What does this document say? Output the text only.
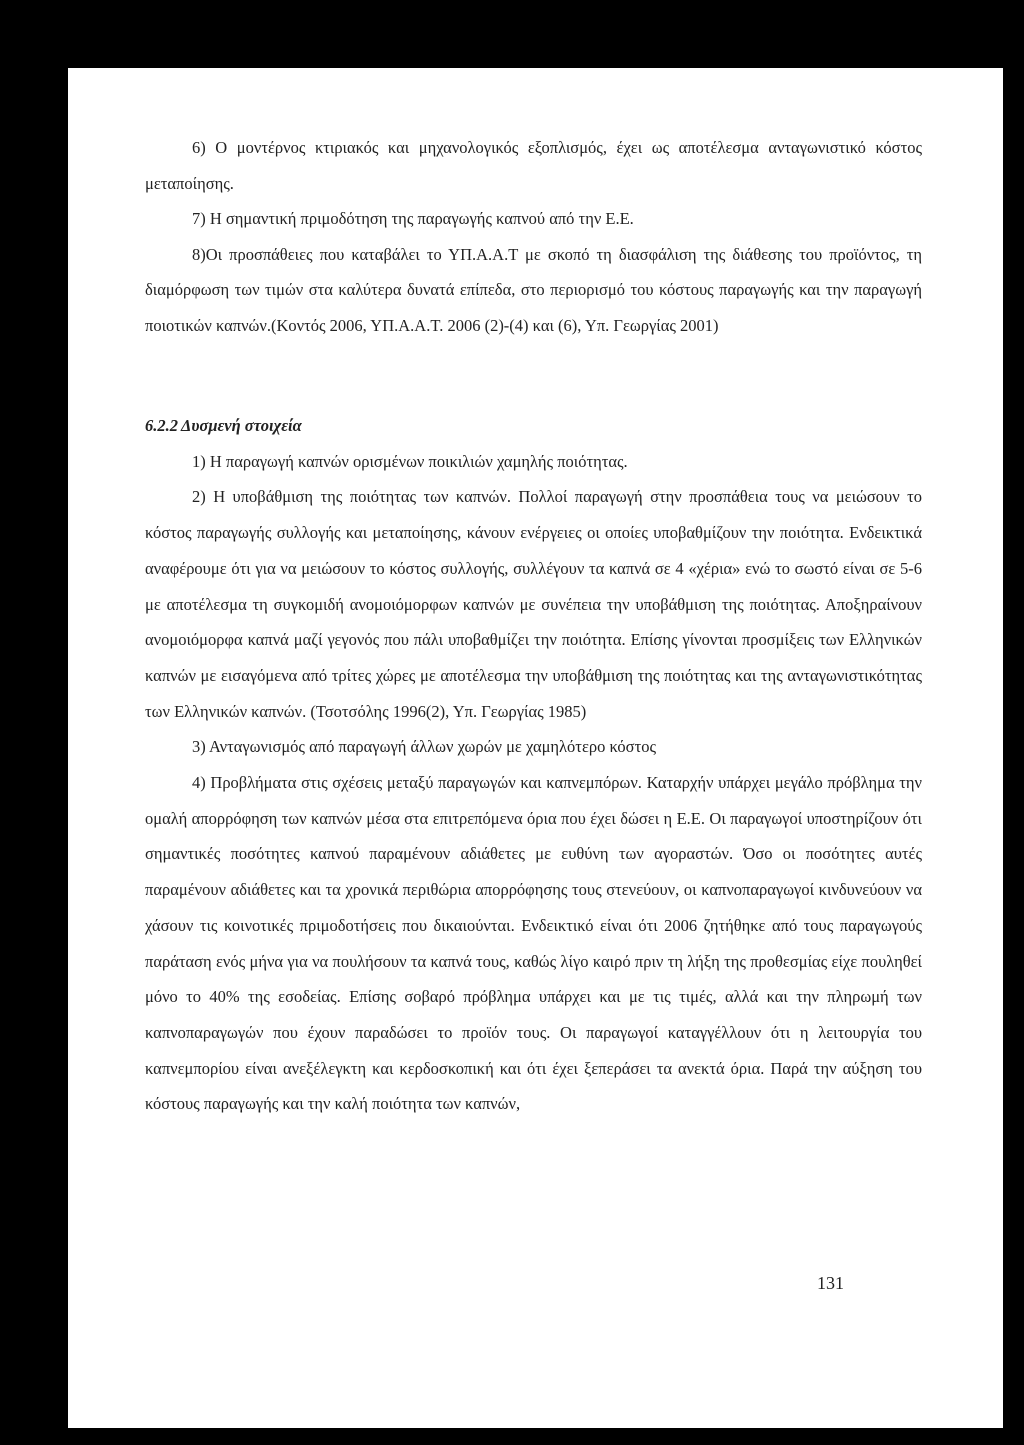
6) Ο μοντέρνος κτιριακός και μηχανολογικός εξοπλισμός, έχει ως αποτέλεσμα ανταγωνιστικό κόστος μεταποίησης.

7) Η σημαντική πριμοδότηση της παραγωγής καπνού από την Ε.Ε.

8)Οι προσπάθειες που καταβάλει το ΥΠ.Α.Α.Τ με σκοπό τη διασφάλιση της διάθεσης του προϊόντος, τη διαμόρφωση των τιμών στα καλύτερα δυνατά επίπεδα, στο περιορισμό του κόστους παραγωγής και την παραγωγή ποιοτικών καπνών.(Κοντός 2006, ΥΠ.Α.Α.Τ. 2006 (2)-(4) και (6), Υπ. Γεωργίας 2001)

6.2.2 Δυσμενή στοιχεία

1) Η παραγωγή καπνών ορισμένων ποικιλιών χαμηλής ποιότητας.

2) Η υποβάθμιση της ποιότητας των καπνών. Πολλοί παραγωγή στην προσπάθεια τους να μειώσουν το κόστος παραγωγής συλλογής και μεταποίησης, κάνουν ενέργειες οι οποίες υποβαθμίζουν την ποιότητα. Ενδεικτικά αναφέρουμε ότι για να μειώσουν το κόστος συλλογής, συλλέγουν τα καπνά σε 4 «χέρια» ενώ το σωστό είναι σε 5-6 με αποτέλεσμα τη συγκομιδή ανομοιόμορφων καπνών με συνέπεια την υποβάθμιση της ποιότητας. Αποξηραίνουν ανομοιόμορφα καπνά μαζί γεγονός που πάλι υποβαθμίζει την ποιότητα. Επίσης γίνονται προσμίξεις των Ελληνικών καπνών με εισαγόμενα από τρίτες χώρες με αποτέλεσμα την υποβάθμιση της ποιότητας και της ανταγωνιστικότητας των Ελληνικών καπνών. (Τσοτσόλης 1996(2), Υπ. Γεωργίας 1985)

3) Ανταγωνισμός από παραγωγή άλλων χωρών με χαμηλότερο κόστος

4) Προβλήματα στις σχέσεις μεταξύ παραγωγών και καπνεμπόρων. Καταρχήν υπάρχει μεγάλο πρόβλημα την ομαλή απορρόφηση των καπνών μέσα στα επιτρεπόμενα όρια που έχει δώσει η Ε.Ε. Οι παραγωγοί υποστηρίζουν ότι σημαντικές ποσότητες καπνού παραμένουν αδιάθετες με ευθύνη των αγοραστών. Όσο οι ποσότητες αυτές παραμένουν αδιάθετες και τα χρονικά περιθώρια απορρόφησης τους στενεύουν, οι καπνοπαραγωγοί κινδυνεύουν να χάσουν τις κοινοτικές πριμοδοτήσεις που δικαιούνται. Ενδεικτικό είναι ότι 2006 ζητήθηκε από τους παραγωγούς παράταση ενός μήνα για να πουλήσουν τα καπνά τους, καθώς λίγο καιρό πριν τη λήξη της προθεσμίας είχε πουληθεί μόνο το 40% της εσοδείας. Επίσης σοβαρό πρόβλημα υπάρχει και με τις τιμές, αλλά και την πληρωμή των καπνοπαραγωγών που έχουν παραδώσει το προϊόν τους. Οι παραγωγοί καταγγέλλουν ότι η λειτουργία του καπνεμπορίου είναι ανεξέλεγκτη και κερδοσκοπική και ότι έχει ξεπεράσει τα ανεκτά όρια. Παρά την αύξηση του κόστους παραγωγής και την καλή ποιότητα των καπνών,

131
